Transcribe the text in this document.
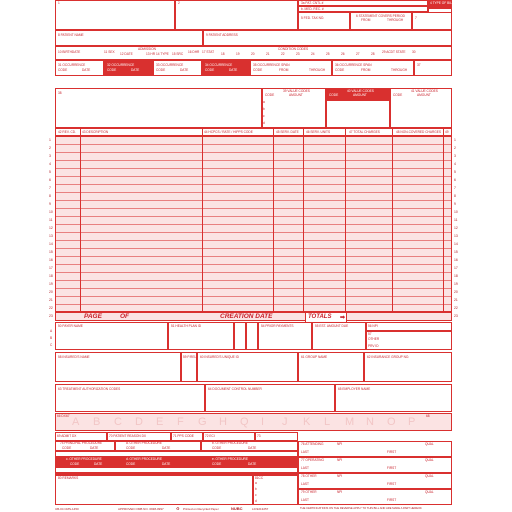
1	2	3a PAT. CNTL #
b. MED. REC. #
4 TYPE OF BILL
5 FED. TAX NO.	6 STATEMENT COVERS PERIOD
FROM	THROUGH	7
8 PATIENT NAME	9 PATIENT ADDRESS
10 BIRTHDATE	11 SEX
ADMISSION
12 DATE	13 HR 14 TYPE 15 SRC 16 DHR 17 STAT
CONDITION CODES
18	19	20	21	22	23	24	25	26	27	28 29 ACDT STATE 30
31 OCCURRENCE
CODE	DATE
32 OCCURRENCE
CODE	DATE
33 OCCURRENCE
CODE	DATE
34 OCCURRENCE
CODE	DATE
35 OCCURRENCE SPAN
CODE	FROM	THROUGH
36 OCCURRENCE SPAN
CODE	FROM	THROUGH
37
38	39 VALUE CODES
CODE	AMOUNT
40 VALUE CODES
CODE	AMOUNT
41 VALUE CODES
CODE	AMOUNT
a
b
c
d
42 REV. CD. 43 DESCRIPTION	44 HCPCS / RATE / HIPPS CODE	45 SERV. DATE 46 SERV. UNITS	47 TOTAL CHARGES	48 NON-COVERED CHARGES 49
1	1
2	2
3	3
4	4
5	5
6	6
7	7
8	8
9	9
10	10
11	11
12	12
13	13
14	14
15	15
16	16
17	17
18	18
19	19
20	20
21	21
22	22
PAGE	OF	CREATION DATE
23	23
TOTALS ➡
50 PAYER NAME	51 HEALTH PLAN ID	54 PRIOR PAYMENTS	55 EST. AMOUNT DUE	56 NPI
57
OTHER
PRV ID
A
B
C
58 INSURED'S NAME	59 P.REL 60 INSURED'S UNIQUE ID	61 GROUP NAME	62 INSURANCE GROUP NO.
63 TREATMENT AUTHORIZATION CODES	64 DOCUMENT CONTROL NUMBER	65 EMPLOYER NAME
66 DX 67	68
A B C D E F G H Q I J K L M N O P
69 ADMIT DX	70 PATIENT REASON DX	71 PPS CODE	72 ECI	73
74 PRINCIPAL PROCEDURE
CODE	DATE
a. OTHER PROCEDURE
CODE	DATE
b. OTHER PROCEDURE
CODE	DATE
c. OTHER PROCEDURE
CODE	DATE
d. OTHER PROCEDURE
CODE	DATE
e. OTHER PROCEDURE
CODE	DATE
76 ATTENDING	NPI	QUAL
LAST	FIRST
77 OPERATING	NPI	QUAL
LAST	FIRST
78 OTHER	NPI	QUAL
LAST	FIRST
79 OTHER	NPI	QUAL
LAST	FIRST
80 REMARKS	81CC
a
b
c
d
UB-04 CMS-1450	APPROVED OMB NO. 0938-0997	♻ Printed on Recycled Paper	NUBC	LIC9213257	THE CERTIFICATIONS ON THE REVERSE APPLY TO THIS BILL AND ARE MADE A PART HEREOF.
